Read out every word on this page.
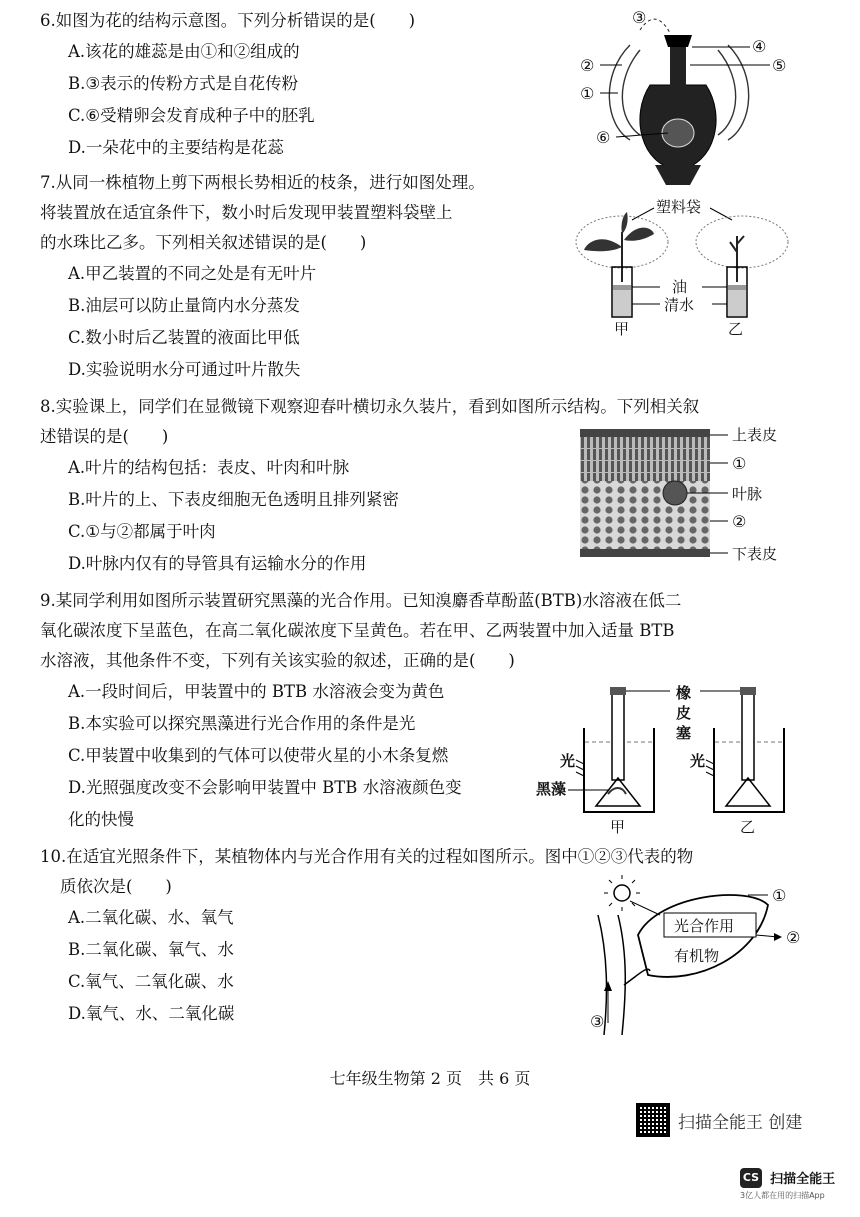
6.如图为花的结构示意图。下列分析错误的是(　　)
A.该花的雄蕊是由①和②组成的
B.③表示的传粉方式是自花传粉
C.⑥受精卵会发育成种子中的胚乳
D.一朵花中的主要结构是花蕊
7.从同一株植物上剪下两根长势相近的枝条，进行如图处理。
将装置放在适宜条件下，数小时后发现甲装置塑料袋壁上
的水珠比乙多。下列相关叙述错误的是(　　)
A.甲乙装置的不同之处是有无叶片
B.油层可以防止量筒内水分蒸发
C.数小时后乙装置的液面比甲低
D.实验说明水分可通过叶片散失
8.实验课上，同学们在显微镜下观察迎春叶横切永久装片，看到如图所示结构。下列相关叙
述错误的是(　　)
A.叶片的结构包括：表皮、叶肉和叶脉
B.叶片的上、下表皮细胞无色透明且排列紧密
C.①与②都属于叶肉
D.叶脉内仅有的导管具有运输水分的作用
9.某同学利用如图所示装置研究黑藻的光合作用。已知溴麝香草酚蓝(BTB)水溶液在低二
氧化碳浓度下呈蓝色，在高二氧化碳浓度下呈黄色。若在甲、乙两装置中加入适量 BTB
水溶液，其他条件不变，下列有关该实验的叙述，正确的是(　　)
A.一段时间后，甲装置中的 BTB 水溶液会变为黄色
B.本实验可以探究黑藻进行光合作用的条件是光
C.甲装置中收集到的气体可以使带火星的小木条复燃
D.光照强度改变不会影响甲装置中 BTB 水溶液颜色变
化的快慢
10.在适宜光照条件下，某植物体内与光合作用有关的过程如图所示。图中①②③代表的物
质依次是(　　)
A.二氧化碳、水、氧气
B.二氧化碳、氧气、水
C.氧气、二氧化碳、水
D.氧气、水、二氧化碳
③
④
⑤
②
①
⑥
塑料袋
油
清水
甲	乙
上表皮
①
叶脉
②
下表皮
橡
皮
塞
光	光
黑藻
甲	乙
光合作用
有机物
①
②
③
七年级生物第 2 页　共 6 页
扫描全能王 创建
CS 扫描全能王
3亿人都在用的扫描App
